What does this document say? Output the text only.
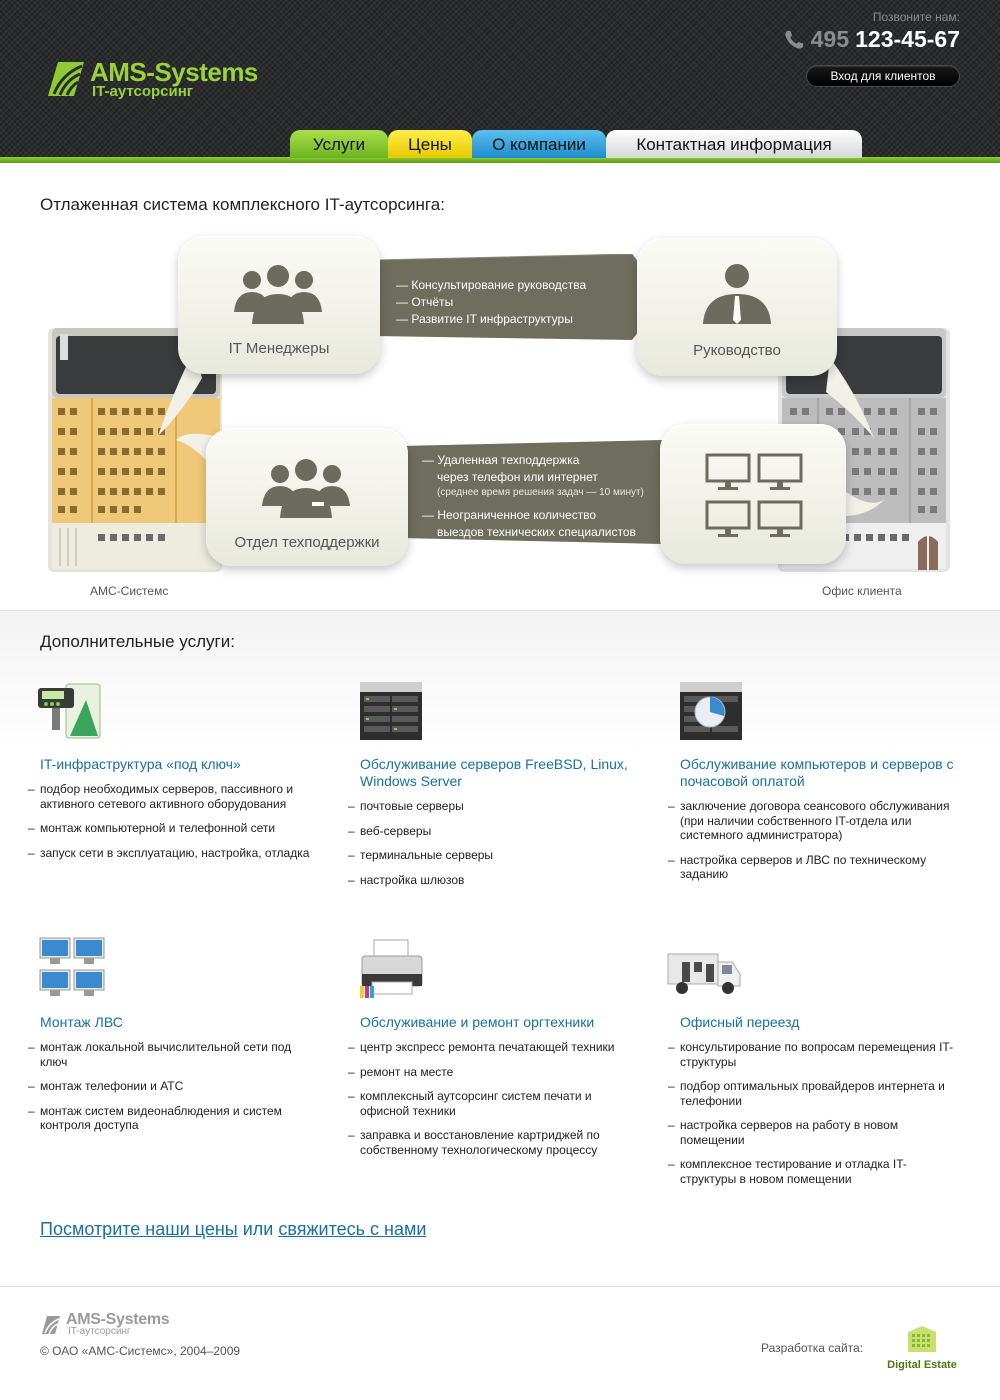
AMS-Systems
IT-аутсорсинг
Позвоните нам:
495 123-45-67
Вход для клиентов
Услуги	Цены	О компании	Контактная информация
Отлаженная система комплексного IT-аутсорсинга:
АМС-Системс	Офис клиента
— Консультирование руководства
— Отчёты
— Развитие IT инфраструктуры
— Удаленная техподдержка
через телефон или интернет
(среднее время решения задач — 10 минут)
— Неограниченное количество
выездов технических специалистов
IT Менеджеры	Руководство
Отдел техподдержки
Дополнительные услуги:
IT-инфраструктура «под ключ»
– подбор необходимых серверов, пассивного и активного сетевого активного оборудования
– монтаж компьютерной и телефонной сети
– запуск сети в эксплуатацию, настройка, отладка
Обслуживание серверов FreeBSD, Linux, Windows Server
– почтовые серверы
– веб-серверы
– терминальные серверы
– настройка шлюзов
Обслуживание компьютеров и серверов с почасовой оплатой
– заключение договора сеансового обслуживания (при наличии собственного IT-отдела или системного администратора)
– настройка серверов и ЛВС по техническому заданию
Монтаж ЛВС
– монтаж локальной вычислительной сети под ключ
– монтаж телефонии и АТС
– монтаж систем видеонаблюдения и систем контроля доступа
Обслуживание и ремонт оргтехники
– центр экспресс ремонта печатающей техники
– ремонт на месте
– комплексный аутсорсинг систем печати и офисной техники
– заправка и восстановление картриджей по собственному технологическому процессу
Офисный переезд
– консультирование по вопросам перемещения IT-структуры
– подбор оптимальных провайдеров интернета и телефонии
– настройка серверов на работу в новом помещении
– комплексное тестирование и отладка IT-структуры в новом помещении
Посмотрите наши цены или свяжитесь с нами
AMS-Systems
IT-аутсорсинг
© ОАО «АМС-Системс», 2004–2009	Разработка сайта:
Digital Estate
